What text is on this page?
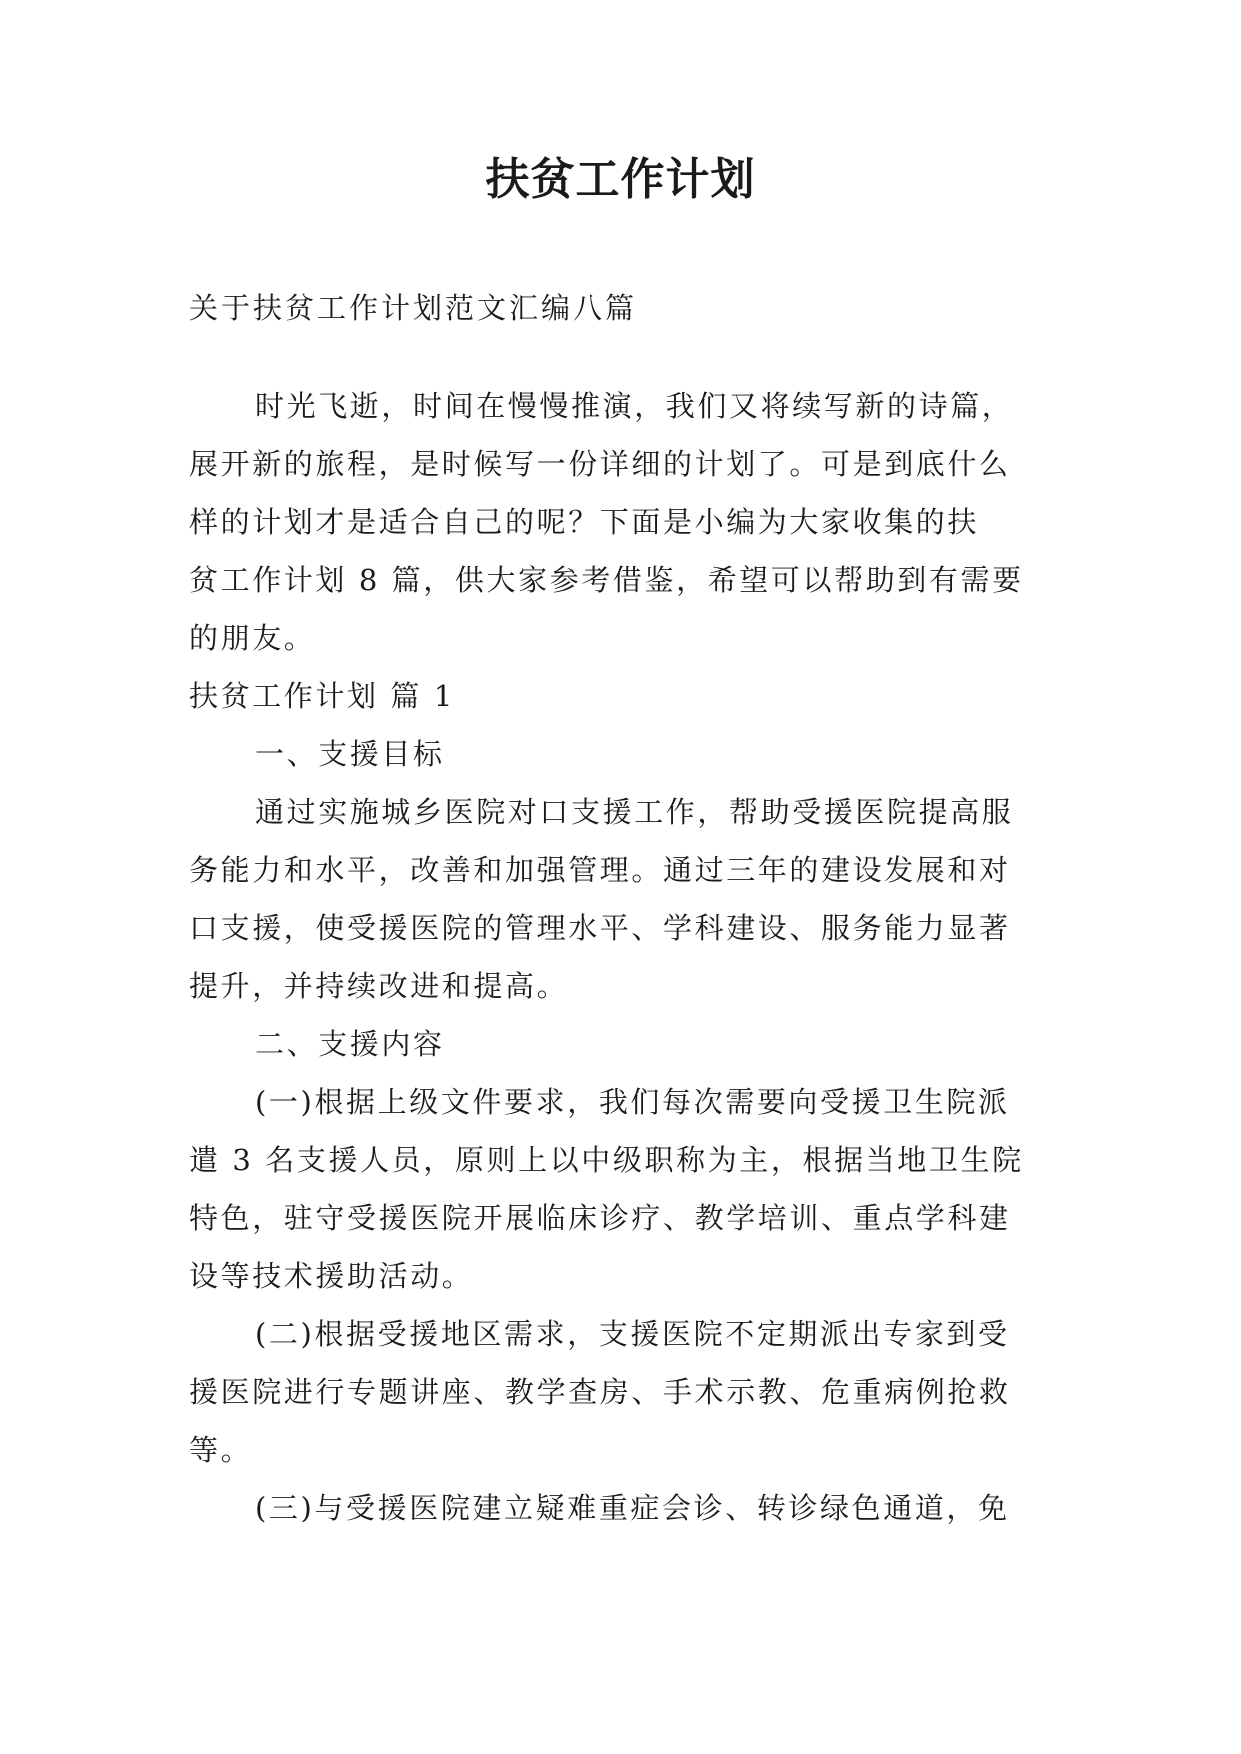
扶贫工作计划
关于扶贫工作计划范文汇编八篇
时光飞逝，时间在慢慢推演，我们又将续写新的诗篇，
展开新的旅程，是时候写一份详细的计划了。可是到底什么
样的计划才是适合自己的呢？下面是小编为大家收集的扶
贫工作计划 8 篇，供大家参考借鉴，希望可以帮助到有需要
的朋友。
扶贫工作计划 篇 1
一、支援目标
通过实施城乡医院对口支援工作，帮助受援医院提高服
务能力和水平，改善和加强管理。通过三年的建设发展和对
口支援，使受援医院的管理水平、学科建设、服务能力显著
提升，并持续改进和提高。
二、支援内容
(一)根据上级文件要求，我们每次需要向受援卫生院派
遣 3 名支援人员，原则上以中级职称为主，根据当地卫生院
特色，驻守受援医院开展临床诊疗、教学培训、重点学科建
设等技术援助活动。
(二)根据受援地区需求，支援医院不定期派出专家到受
援医院进行专题讲座、教学查房、手术示教、危重病例抢救
等。
(三)与受援医院建立疑难重症会诊、转诊绿色通道，免
